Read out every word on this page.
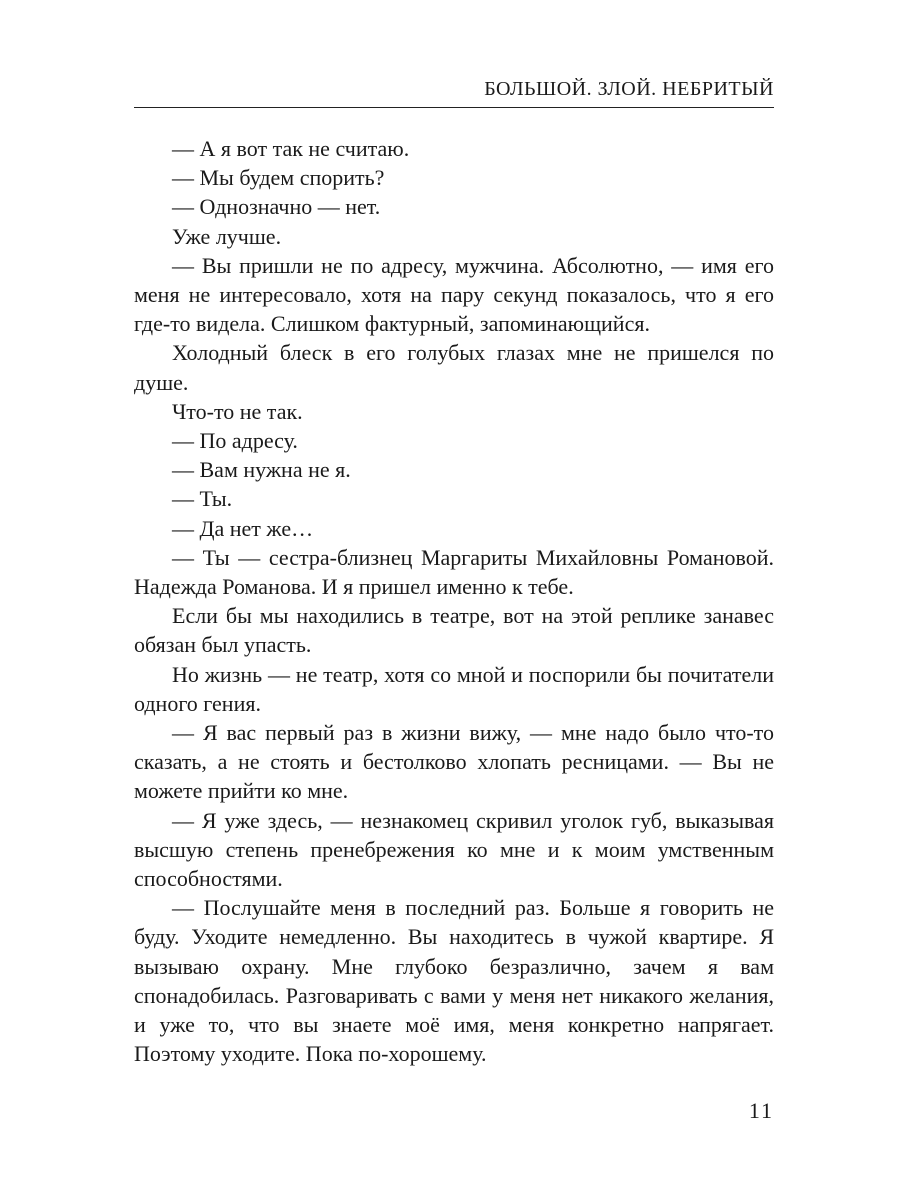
БОЛЬШОЙ. ЗЛОЙ. НЕБРИТЫЙ

— А я вот так не считаю.

— Мы будем спорить?

— Однозначно — нет.

Уже лучше.

— Вы пришли не по адресу, мужчина. Абсолютно, — имя его меня не интересовало, хотя на пару секунд показалось, что я его где-то видела. Слишком фактурный, запоминающийся.

Холодный блеск в его голубых глазах мне не пришелся по душе.

Что-то не так.

— По адресу.

— Вам нужна не я.

— Ты.

— Да нет же…

— Ты — сестра-близнец Маргариты Михайловны Романовой. Надежда Романова. И я пришел именно к тебе.

Если бы мы находились в театре, вот на этой реплике занавес обязан был упасть.

Но жизнь — не театр, хотя со мной и поспорили бы почитатели одного гения.

— Я вас первый раз в жизни вижу, — мне надо было что-то сказать, а не стоять и бестолково хлопать ресницами. — Вы не можете прийти ко мне.

— Я уже здесь, — незнакомец скривил уголок губ, выказывая высшую степень пренебрежения ко мне и к моим умственным способностями.

— Послушайте меня в последний раз. Больше я говорить не буду. Уходите немедленно. Вы находитесь в чужой квартире. Я вызываю охрану. Мне глубоко безразлично, зачем я вам спонадобилась. Разговаривать с вами у меня нет никакого желания, и уже то, что вы знаете моё имя, меня конкретно напрягает. Поэтому уходите. Пока по-хорошему.

11
